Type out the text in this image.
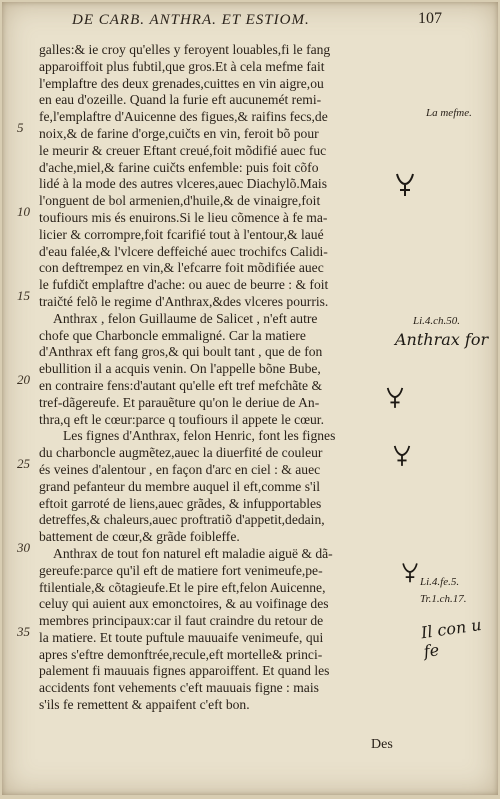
DE CARB. ANTHRA. ET ESTIOM.	107
galles:& ie croy qu'elles y feroyent louables,fi le fang
apparoiffoit plus fubtil,que gros.Et à cela mefme fait
l'emplaftre des deux grenades,cuittes en vin aigre,ou
en eau d'ozeille. Quand la furie eft aucunemét remi-
fe,l'emplaftre d'Auicenne des figues,& raifins fecs,de
noix,& de farine d'orge,cuičts en vin, feroit bõ pour
le meurir & creuer Eftant creué,foit mõdifié auec fuc
d'ache,miel,& farine cuičts enfemble: puis foit cõfo
lidé à la mode des autres vlceres,auec Diachylõ.Mais
l'onguent de bol armenien,d'huile,& de vinaigre,foit
toufiours mis és enuirons.Si le lieu cõmence à fe ma-
licier & corrompre,foit fcarifié tout à l'entour,& laué
d'eau falée,& l'vlcere deffeiché auec trochifcs Calidi-
con deftrempez en vin,& l'efcarre foit mõdifiée auec
le fufdičt emplaftre d'ache: ou auec de beurre : & foit
traičté felõ le regime d'Anthrax,&des vlceres pourris.
Anthrax , felon Guillaume de Salicet , n'eft autre
chofe que Charboncle emmaligné. Car la matiere
d'Anthrax eft fang gros,& qui boult tant , que de fon
ebullition il a acquis venin. On l'appelle bõne Bube,
en contraire fens:d'autant qu'elle eft tref mefchãte &
tref-dãgereufe. Et parauẽture qu'on le deriue de An-
thra,q eft le cœur:parce q toufiours il appete le cœur.
Les fignes d'Anthrax, felon Henric, font les fignes
du charboncle augmẽtez,auec la diuerfité de couleur
és veines d'alentour , en façon d'arc en ciel : & auec
grand pefanteur du membre auquel il eft,comme s'il
eftoit garroté de liens,auec grãdes, & infupportables
detreffes,& chaleurs,auec proftratiõ d'appetit,dedain,
battement de cœur,& grãde foibleffe.
Anthrax de tout fon naturel eft maladie aiguë & dã-
gereufe:parce qu'il eft de matiere fort venimeufe,pe-
ftilentiale,& cõtagieufe.Et le pire eft,felon Auicenne,
celuy qui auient aux emonctoires, & au voifinage des
membres principaux:car il faut craindre du retour de
la matiere. Et toute puftule mauuaife venimeufe, qui
apres s'eftre demonftrée,recule,eft mortelle& princi-
palement fi mauuais fignes apparoiffent. Et quand les
accidents font vehements c'eft mauuais figne : mais
s'ils fe remettent & appaifent c'eft bon.
5
10
15
20
25
30
35
La mefme.
Li.4.ch.50.
Li.4.fe.5.
Tr.1.ch.17.
Anthrax for
Il con u fe
Des
